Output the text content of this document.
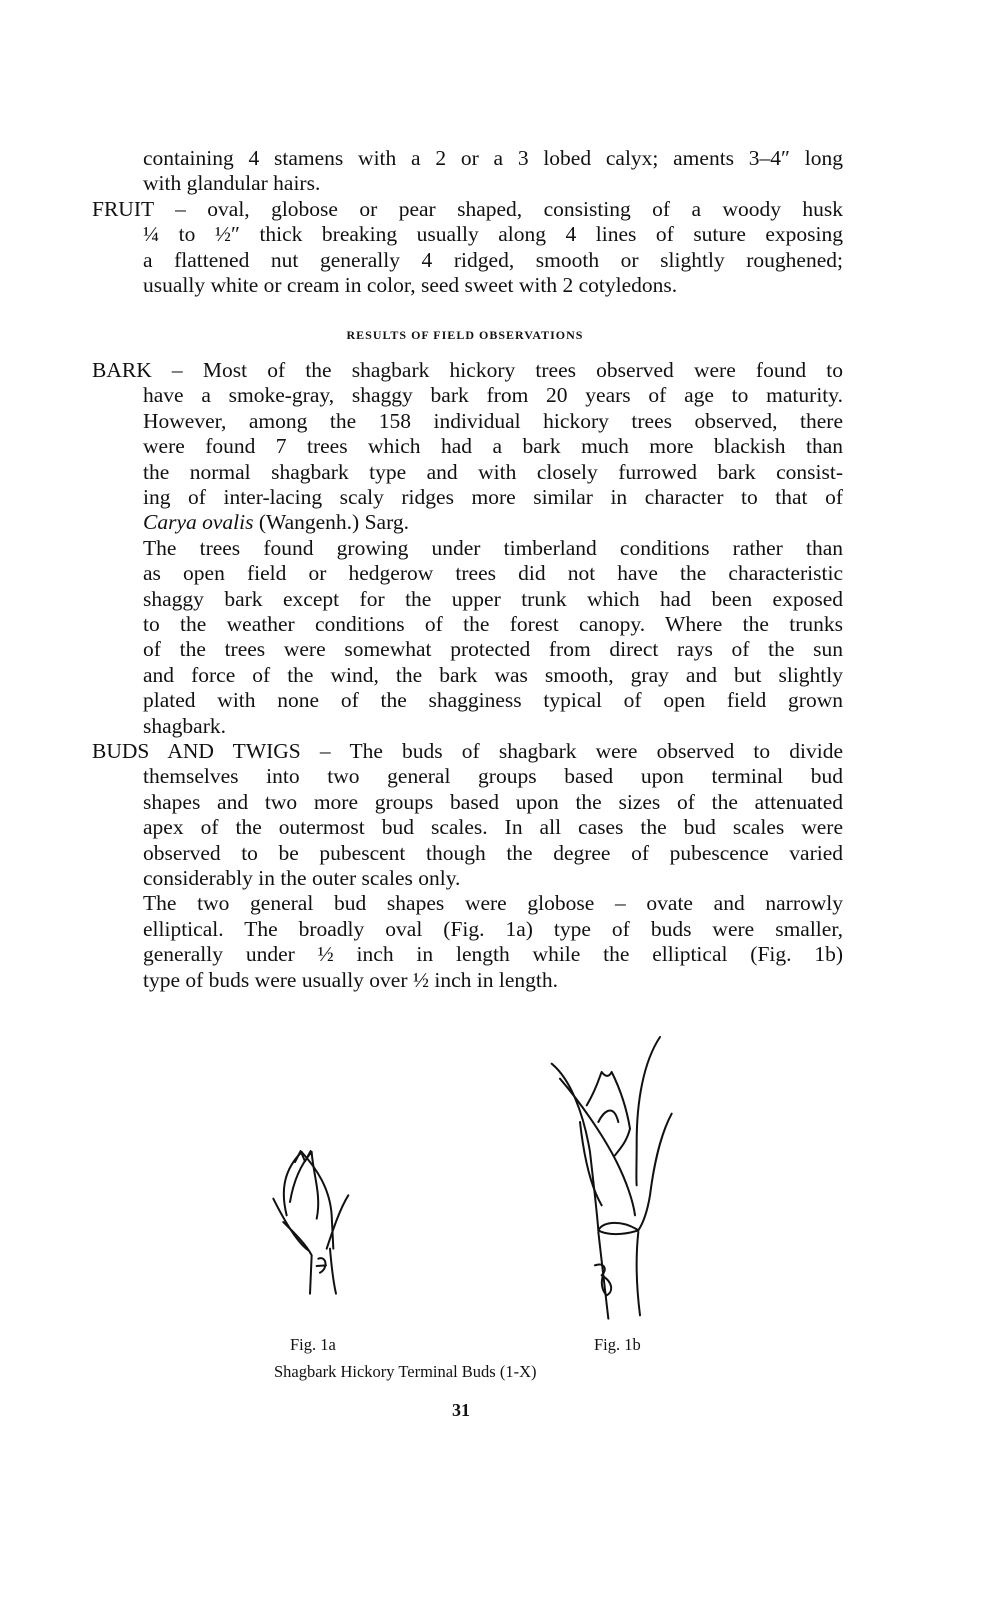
containing 4 stamens with a 2 or a 3 lobed calyx; aments 3–4″ long
with glandular hairs.
FRUIT – oval, globose or pear shaped, consisting of a woody husk
¼ to ½″ thick breaking usually along 4 lines of suture exposing
a flattened nut generally 4 ridged, smooth or slightly roughened;
usually white or cream in color, seed sweet with 2 cotyledons.
BARK – Most of the shagbark hickory trees observed were found to
have a smoke-gray, shaggy bark from 20 years of age to maturity.
However, among the 158 individual hickory trees observed, there
were found 7 trees which had a bark much more blackish than
the normal shagbark type and with closely furrowed bark consist-
ing of inter-lacing scaly ridges more similar in character to that of
Carya ovalis (Wangenh.) Sarg.
The trees found growing under timberland conditions rather than
as open field or hedgerow trees did not have the characteristic
shaggy bark except for the upper trunk which had been exposed
to the weather conditions of the forest canopy. Where the trunks
of the trees were somewhat protected from direct rays of the sun
and force of the wind, the bark was smooth, gray and but slightly
plated with none of the shagginess typical of open field grown
shagbark.
BUDS AND TWIGS – The buds of shagbark were observed to divide
themselves into two general groups based upon terminal bud
shapes and two more groups based upon the sizes of the attenuated
apex of the outermost bud scales. In all cases the bud scales were
observed to be pubescent though the degree of pubescence varied
considerably in the outer scales only.
The two general bud shapes were globose – ovate and narrowly
elliptical. The broadly oval (Fig. 1a) type of buds were smaller,
generally under ½ inch in length while the elliptical (Fig. 1b)
type of buds were usually over ½ inch in length.
RESULTS OF FIELD OBSERVATIONS
Fig. 1a	Fig. 1b
Shagbark Hickory Terminal Buds (1-X)
31
